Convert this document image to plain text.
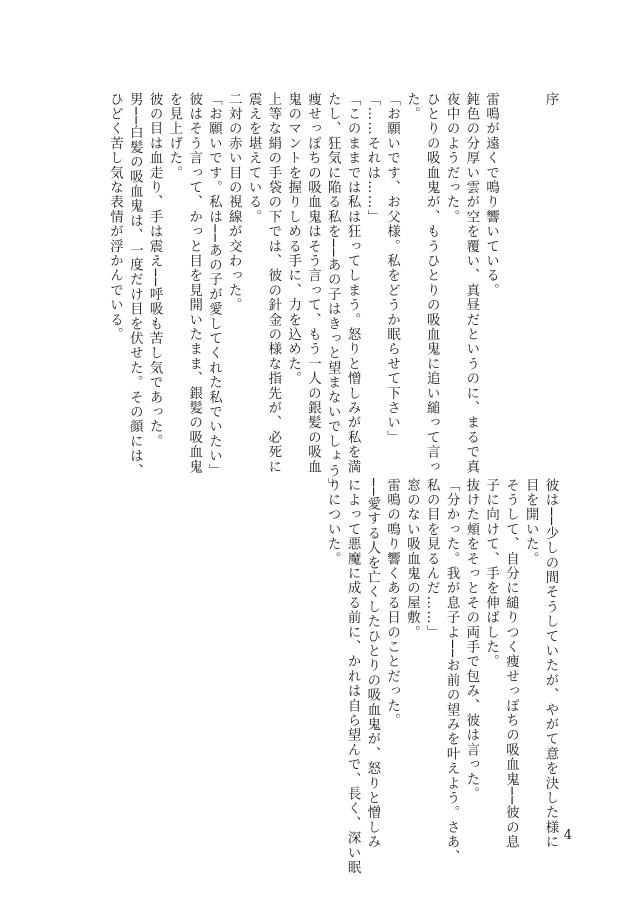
序
雷鳴が遠くで鳴り響いている。
鈍色の分厚い雲が空を覆い、真昼だというのに、まるで真
夜中のようだった。
ひとりの吸血鬼が、もうひとりの吸血鬼に追い縋って言っ
た。
「お願いです、お父様。私をどうか眠らせて下さい」
「……それは……」
「このままでは私は狂ってしまう。怒りと憎しみが私を満
たし、狂気に陥る私を──あの子はきっと望まないでしょう」
痩せっぽちの吸血鬼はそう言って、もう一人の銀髪の吸血
鬼のマントを握りしめる手に、力を込めた。
上等な絹の手袋の下では、彼の針金の様な指先が、必死に
震えを堪えている。
二対の赤い目の視線が交わった。
「お願いです。私は──あの子が愛してくれた私でいたい」
彼はそう言って、かっと目を見開いたまま、銀髪の吸血鬼
を見上げた。
彼の目は血走り、手は震え──呼吸も苦し気であった。
男──白髪の吸血鬼は、一度だけ目を伏せた。その顔には、
ひどく苦し気な表情が浮かんでいる。
彼は──少しの間そうしていたが、やがて意を決した様に
目を開いた。
そうして、自分に縋りつく痩せっぽちの吸血鬼──彼の息
子に向けて、手を伸ばした。
抜けた頬をそっとその両手で包み、彼は言った。
「分かった。我が息子よ──お前の望みを叶えよう。さあ、
私の目を見るんだ……」
窓のない吸血鬼の屋敷。
雷鳴の鳴り響くある日のことだった。
──愛する人を亡くしたひとりの吸血鬼が、怒りと憎しみ
によって悪魔に成る前に、かれは自ら望んで、長く、深い眠
りについた。
4
